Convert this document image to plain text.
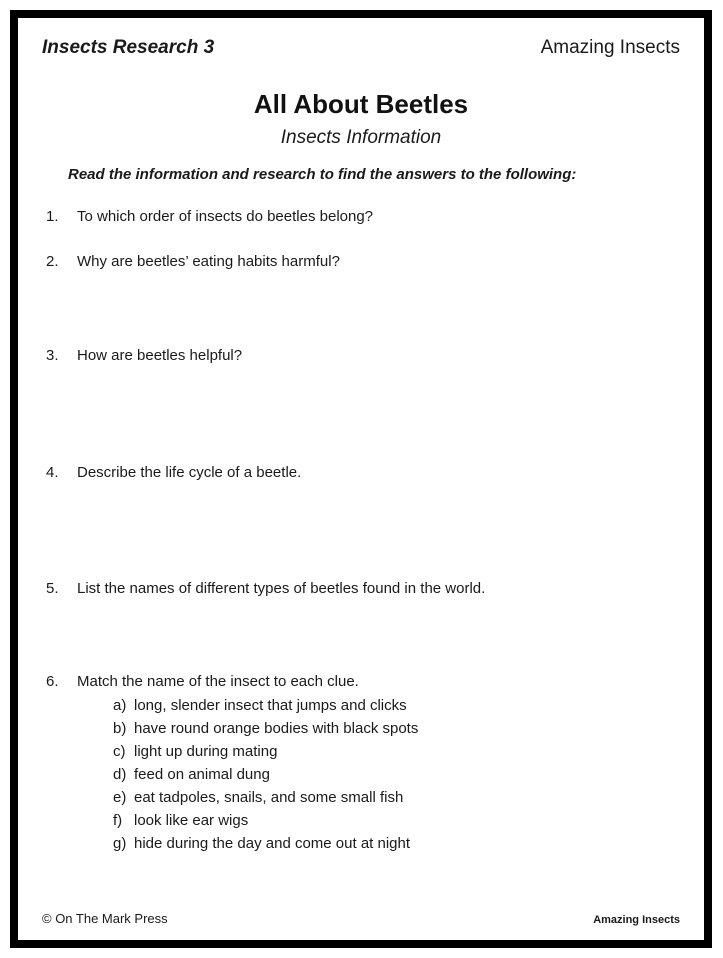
Insects Research 3	Amazing Insects
All About Beetles
Insects Information
Read the information and research to find the answers to the following:
1.	To which order of insects do beetles belong?
2.	Why are beetles’ eating habits harmful?
3.	How are beetles helpful?
4.	Describe the life cycle of a beetle.
5.	List the names of different types of beetles found in the world.
6.	Match the name of the insect to each clue.
a) long, slender insect that jumps and clicks
b) have round orange bodies with black spots
c) light up during mating
d) feed on animal dung
e) eat tadpoles, snails, and some small fish
f) look like ear wigs
g) hide during the day and come out at night
© On The Mark Press	Amazing Insects
